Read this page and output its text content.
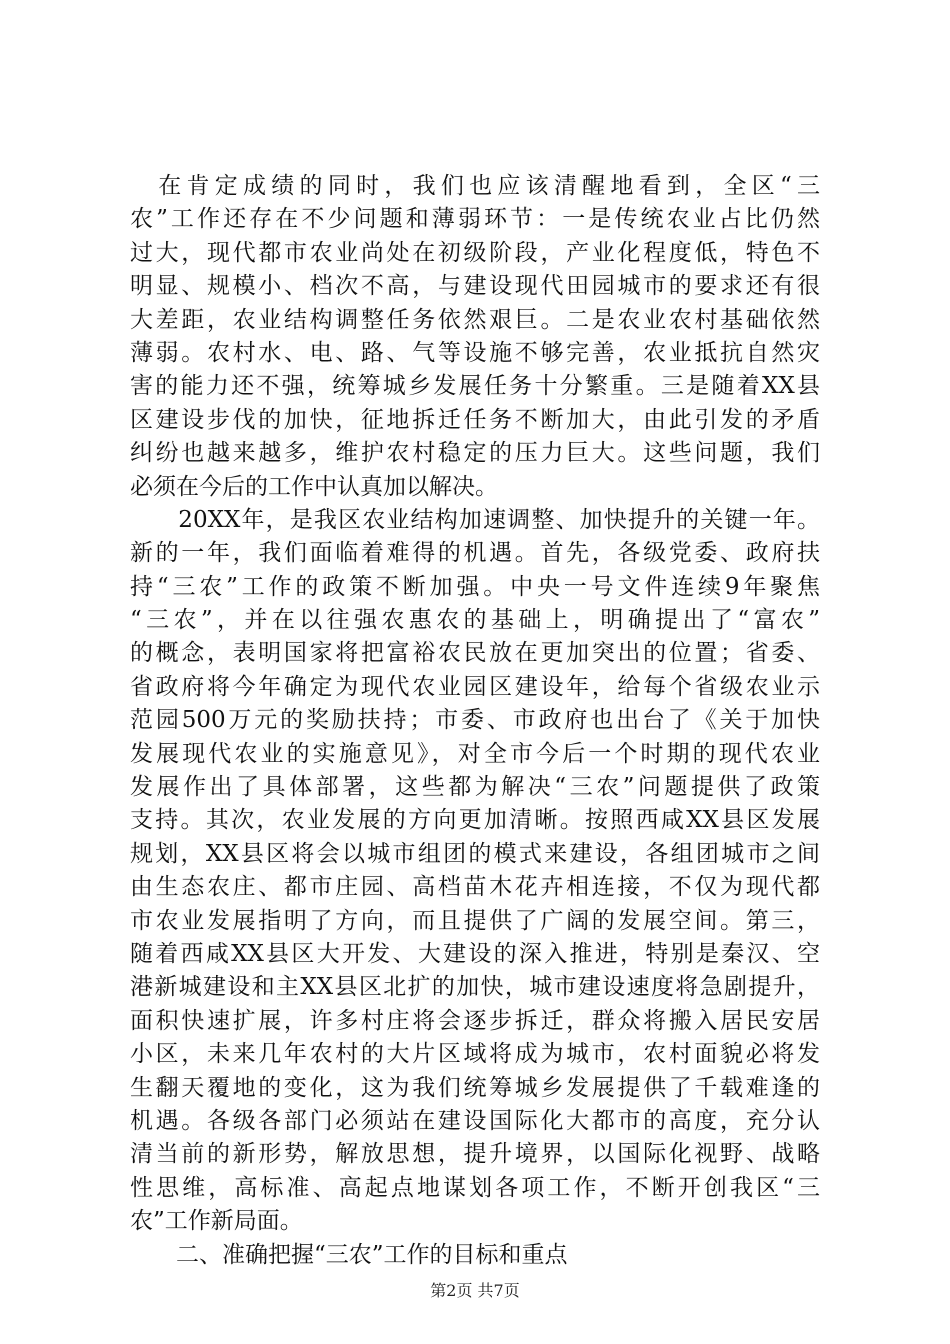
　在肯定成绩的同时，我们也应该清醒地看到，全区“三
农”工作还存在不少问题和薄弱环节：一是传统农业占比仍然
过大，现代都市农业尚处在初级阶段，产业化程度低，特色不
明显、规模小、档次不高，与建设现代田园城市的要求还有很
大差距，农业结构调整任务依然艰巨。二是农业农村基础依然
薄弱。农村水、电、路、气等设施不够完善，农业抵抗自然灾
害的能力还不强，统筹城乡发展任务十分繁重。三是随着XX县
区建设步伐的加快，征地拆迁任务不断加大，由此引发的矛盾
纠纷也越来越多，维护农村稳定的压力巨大。这些问题，我们
必须在今后的工作中认真加以解决。
　　20XX年，是我区农业结构加速调整、加快提升的关键一年。
新的一年，我们面临着难得的机遇。首先，各级党委、政府扶
持“三农”工作的政策不断加强。中央一号文件连续9年聚焦
“三农”，并在以往强农惠农的基础上，明确提出了“富农”
的概念，表明国家将把富裕农民放在更加突出的位置；省委、
省政府将今年确定为现代农业园区建设年，给每个省级农业示
范园500万元的奖励扶持；市委、市政府也出台了《关于加快
发展现代农业的实施意见》，对全市今后一个时期的现代农业
发展作出了具体部署，这些都为解决“三农”问题提供了政策
支持。其次，农业发展的方向更加清晰。按照西咸XX县区发展
规划，XX县区将会以城市组团的模式来建设，各组团城市之间
由生态农庄、都市庄园、高档苗木花卉相连接，不仅为现代都
市农业发展指明了方向，而且提供了广阔的发展空间。第三，
随着西咸XX县区大开发、大建设的深入推进，特别是秦汉、空
港新城建设和主XX县区北扩的加快，城市建设速度将急剧提升，
面积快速扩展，许多村庄将会逐步拆迁，群众将搬入居民安居
小区，未来几年农村的大片区域将成为城市，农村面貌必将发
生翻天覆地的变化，这为我们统筹城乡发展提供了千载难逢的
机遇。各级各部门必须站在建设国际化大都市的高度，充分认
清当前的新形势，解放思想，提升境界，以国际化视野、战略
性思维，高标准、高起点地谋划各项工作，不断开创我区“三
农”工作新局面。
　　二、准确把握“三农”工作的目标和重点
第2页 共7页
